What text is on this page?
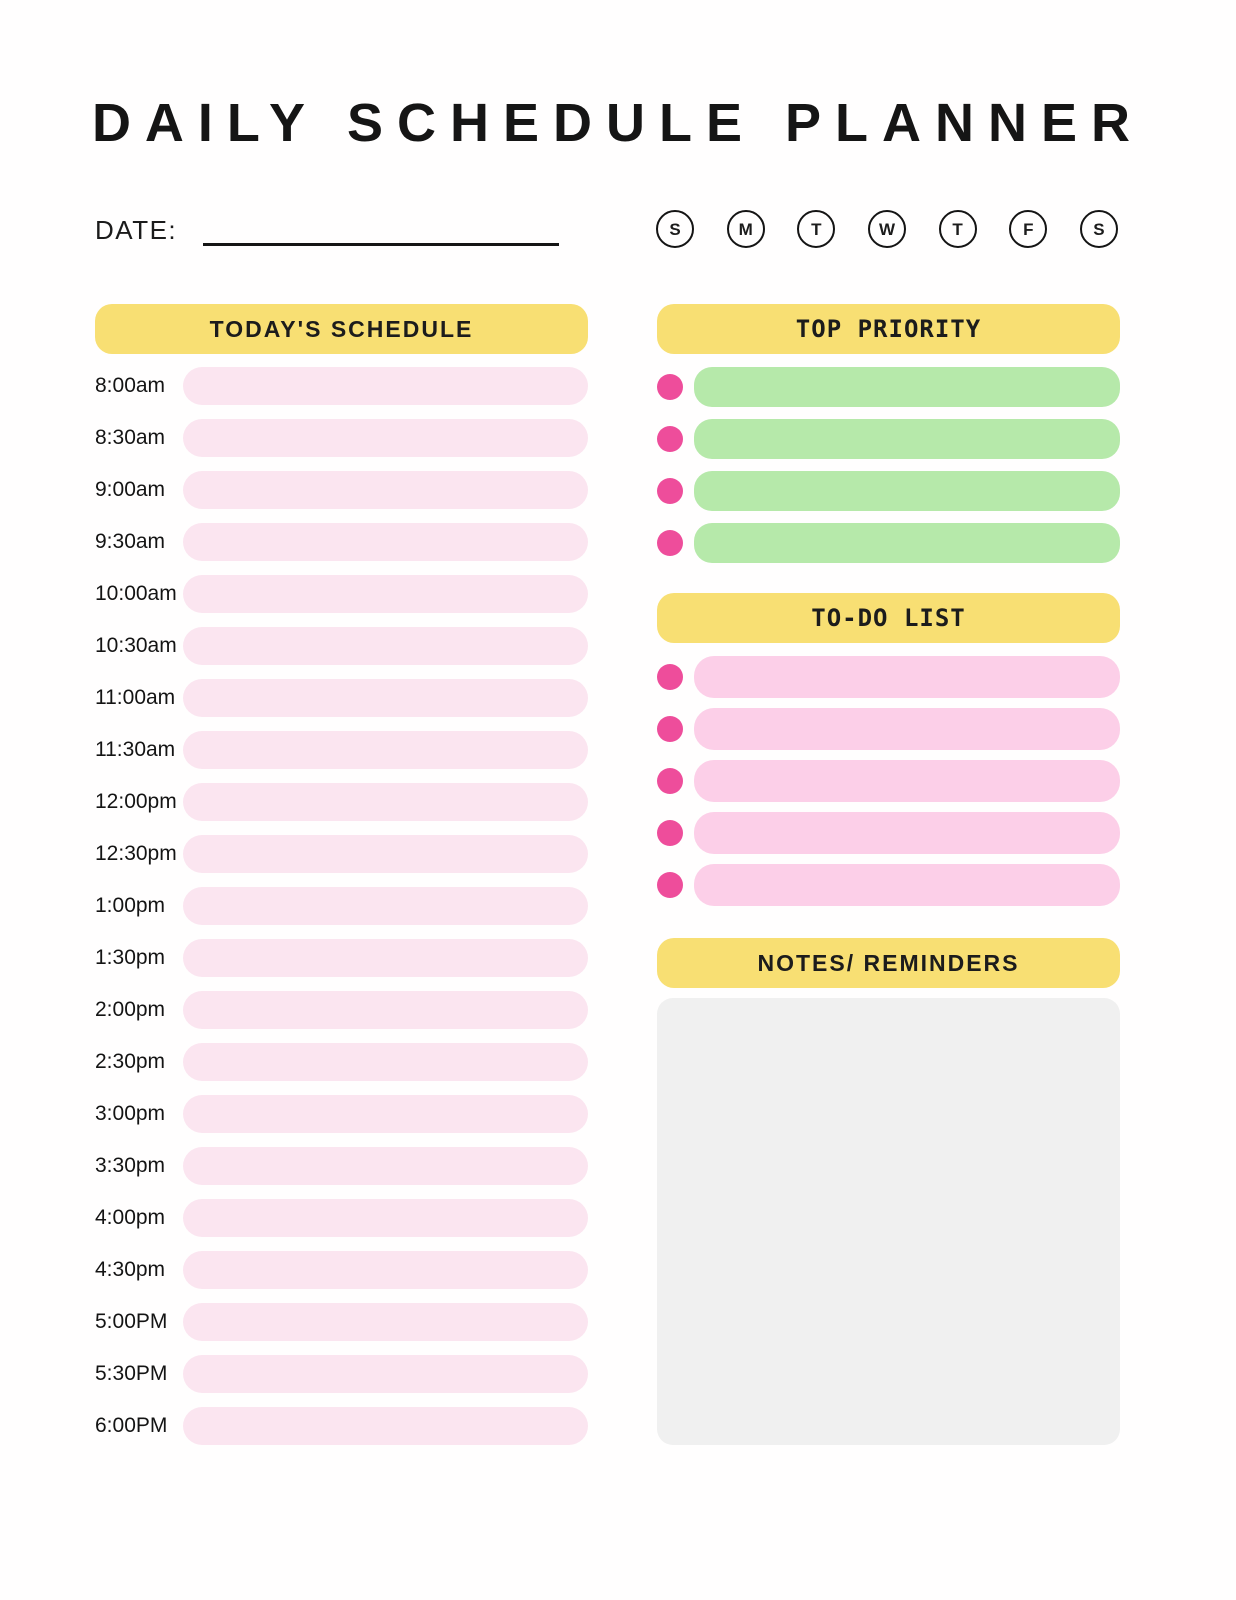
DAILY SCHEDULE PLANNER
DATE:	S	M	T	W	T	F	S
TODAY'S SCHEDULE
8:00am
8:30am
9:00am
9:30am
10:00am
10:30am
11:00am
11:30am
12:00pm
12:30pm
1:00pm
1:30pm
2:00pm
2:30pm
3:00pm
3:30pm
4:00pm
4:30pm
5:00PM
5:30PM
6:00PM
TOP PRIORITY
TO-DO LIST
NOTES/ REMINDERS
